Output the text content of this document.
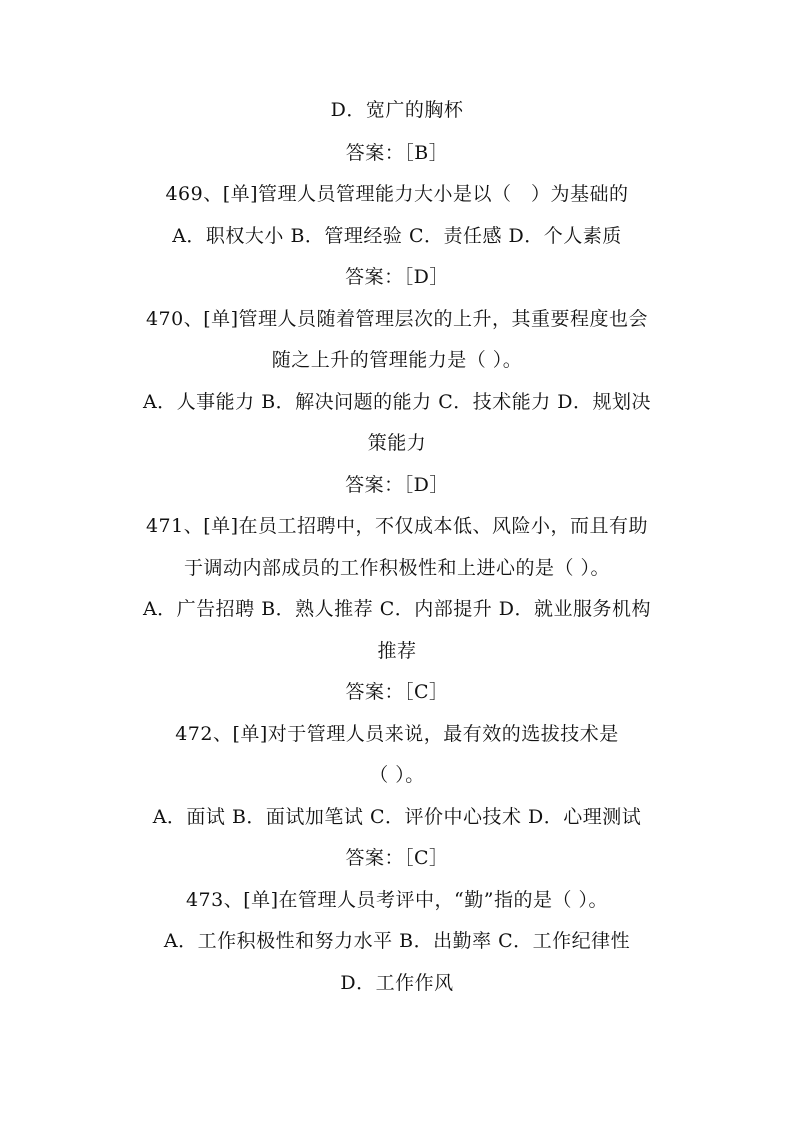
D．宽广的胸杯
答案：［B］
469、[单]管理人员管理能力大小是以（　）为基础的
A．职权大小 B．管理经验 C．责任感 D．个人素质
答案：［D］
470、[单]管理人员随着管理层次的上升，其重要程度也会
随之上升的管理能力是（ ）。
A．人事能力 B．解决问题的能力 C．技术能力 D．规划决
策能力
答案：［D］
471、[单]在员工招聘中，不仅成本低、风险小，而且有助
于调动内部成员的工作积极性和上进心的是（ ）。
A．广告招聘 B．熟人推荐 C．内部提升 D．就业服务机构
推荐
答案：［C］
472、[单]对于管理人员来说，最有效的选拔技术是
（ ）。
A．面试 B．面试加笔试 C．评价中心技术 D．心理测试
答案：［C］
473、[单]在管理人员考评中，“勤”指的是（ ）。
A．工作积极性和努力水平 B．出勤率 C．工作纪律性
D．工作作风
